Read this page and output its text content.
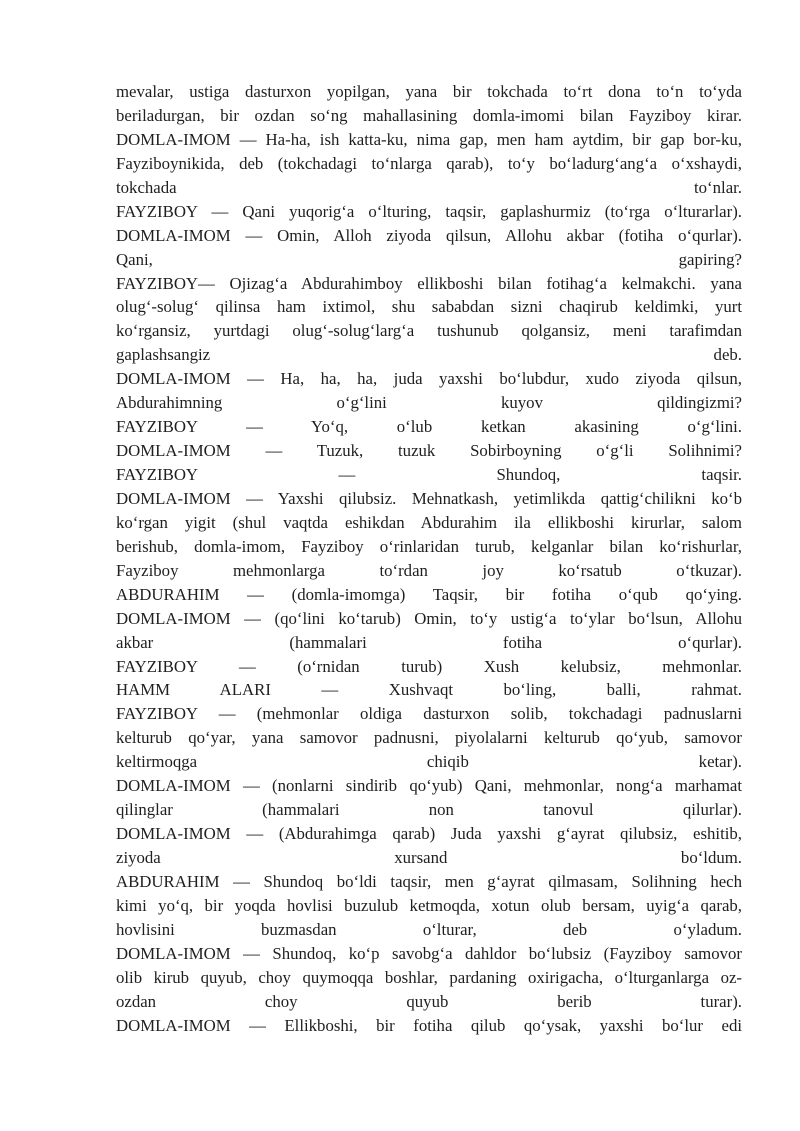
mevalar, ustiga dasturxon yopilgan, yana bir tokchada to‘rt dona to‘n to‘yda
beriladurgan, bir ozdan so‘ng mahallasining domla-imomi bilan Fayziboy kirar.
DOMLA-IMOM — Ha-ha, ish katta-ku, nima gap, men ham aytdim, bir gap bor-ku,
Fayziboynikida, deb (tokchadagi to‘nlarga qarab), to‘y bo‘ladurg‘ang‘a o‘xshaydi,
tokchada to‘nlar.
FAYZIBOY — Qani yuqorig‘a o‘lturing, taqsir, gaplashurmiz (to‘rga o‘lturarlar).
DOMLA-IMOM — Omin, Alloh ziyoda qilsun, Allohu akbar (fotiha o‘qurlar).
Qani, gapiring?
FAYZIBOY— Ojizag‘a Abdurahimboy ellikboshi bilan fotihag‘a kelmakchi. yana
olug‘-solug‘ qilinsa ham ixtimol, shu sababdan sizni chaqirub keldimki, yurt
ko‘rgansiz, yurtdagi olug‘-solug‘larg‘a tushunub qolgansiz, meni tarafimdan
gaplashsangiz deb.
DOMLA-IMOM — Ha, ha, ha, juda yaxshi bo‘lubdur, xudo ziyoda qilsun,
Abdurahimning o‘g‘lini kuyov qildingizmi?
FAYZIBOY — Yo‘q, o‘lub ketkan akasining o‘g‘lini.
DOMLA-IMOM — Tuzuk, tuzuk Sobirboyning o‘g‘li Solihnimi?
FAYZIBOY — Shundoq, taqsir.
DOMLA-IMOM — Yaxshi qilubsiz. Mehnatkash, yetimlikda qattig‘chilikni ko‘b
ko‘rgan yigit (shul vaqtda eshikdan Abdurahim ila ellikboshi kirurlar, salom
berishub, domla-imom, Fayziboy o‘rinlaridan turub, kelganlar bilan ko‘rishurlar,
Fayziboy mehmonlarga to‘rdan joy ko‘rsatub o‘tkuzar).
ABDURAHIM — (domla-imomga) Taqsir, bir fotiha o‘qub qo‘ying.
DOMLA-IMOM — (qo‘lini ko‘tarub) Omin, to‘y ustig‘a to‘ylar bo‘lsun, Allohu
akbar (hammalari fotiha o‘qurlar).
FAYZIBOY — (o‘rnidan turub) Xush kelubsiz, mehmonlar.
HAMM ALARI — Xushvaqt bo‘ling, balli, rahmat.
FAYZIBOY — (mehmonlar oldiga dasturxon solib, tokchadagi padnuslarni
kelturub qo‘yar, yana samovor padnusni, piyolalarni kelturub qo‘yub, samovor
keltirmoqga chiqib ketar).
DOMLA-IMOM — (nonlarni sindirib qo‘yub) Qani, mehmonlar, nong‘a marhamat
qilinglar (hammalari non tanovul qilurlar).
DOMLA-IMOM — (Abdurahimga qarab) Juda yaxshi g‘ayrat qilubsiz, eshitib,
ziyoda xursand bo‘ldum.
ABDURAHIM — Shundoq bo‘ldi taqsir, men g‘ayrat qilmasam, Solihning hech
kimi yo‘q, bir yoqda hovlisi buzulub ketmoqda, xotun olub bersam, uyig‘a qarab,
hovlisini buzmasdan o‘lturar, deb o‘yladum.
DOMLA-IMOM — Shundoq, ko‘p savobg‘a dahldor bo‘lubsiz (Fayziboy samovor
olib kirub quyub, choy quymoqqa boshlar, pardaning oxirigacha, o‘lturganlarga oz-
ozdan choy quyub berib turar).
DOMLA-IMOM — Ellikboshi, bir fotiha qilub qo‘ysak, yaxshi bo‘lur edi
